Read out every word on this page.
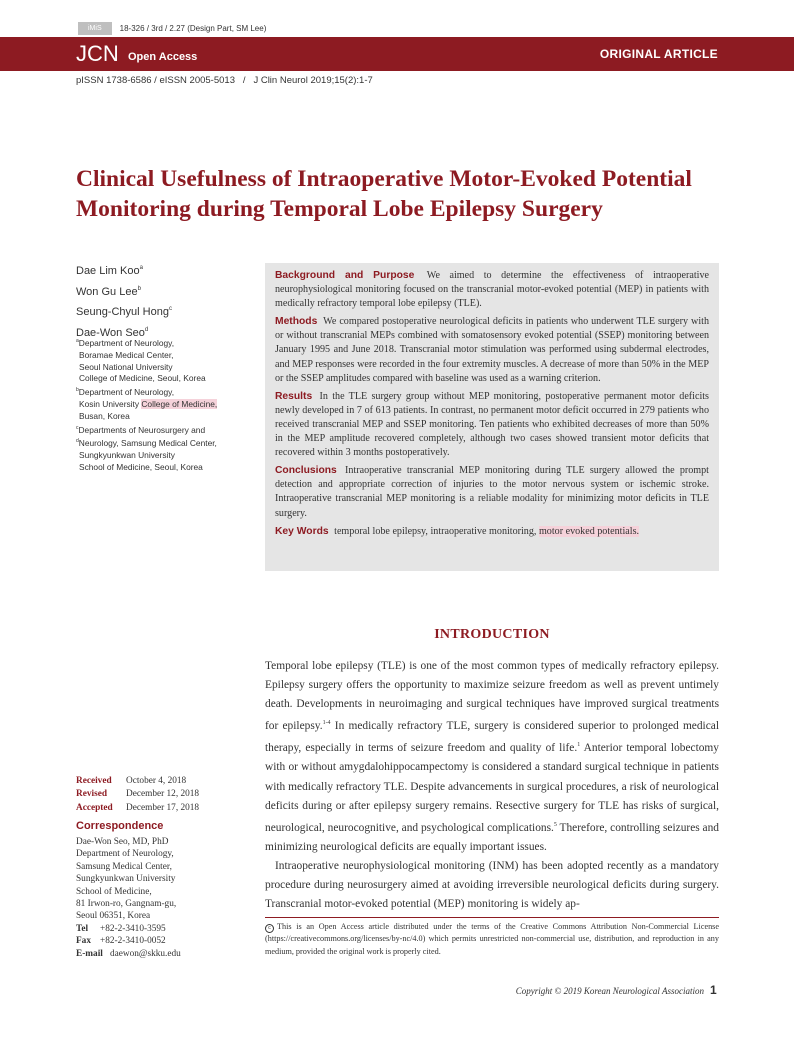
iMiS	18-326 / 3rd / 2.27 (Design Part, SM Lee)
JCN Open Access	ORIGINAL ARTICLE
pISSN 1738-6586 / eISSN 2005-5013   /   J Clin Neurol 2019;15(2):1-7
Clinical Usefulness of Intraoperative Motor-Evoked Potential
Monitoring during Temporal Lobe Epilepsy Surgery
Dae Lim Koo$^a$
Won Gu Lee$^b$
Seung-Chyul Hong$^c$
Dae-Won Seo$^d$
$^a$Department of Neurology,
Boramae Medical Center,
Seoul National University
College of Medicine, Seoul, Korea
$^b$Department of Neurology,
Kosin University College of Medicine,
Busan, Korea
$^c$Departments of Neurosurgery and
$^d$Neurology, Samsung Medical Center,
Sungkyunkwan University
School of Medicine, Seoul, Korea

Background and Purpose We aimed to determine the effectiveness of intraoperative neurophysiological monitoring focused on the transcranial motor-evoked potential (MEP) in patients with medically refractory temporal lobe epilepsy (TLE).

Methods We compared postoperative neurological deficits in patients who underwent TLE surgery with or without transcranial MEPs combined with somatosensory evoked potential (SSEP) monitoring between January 1995 and June 2018. Transcranial motor stimulation was performed using subdermal electrodes, and MEP responses were recorded in the four extremity muscles. A decrease of more than 50% in the MEP or the SSEP amplitudes compared with baseline was used as a warning criterion.

Results In the TLE surgery group without MEP monitoring, postoperative permanent motor deficits newly developed in 7 of 613 patients. In contrast, no permanent motor deficit occurred in 279 patients who received transcranial MEP and SSEP monitoring. Ten patients who exhibited decreases of more than 50% in the MEP amplitude recovered completely, although two cases showed transient motor deficits that recovered within 3 months postoperatively.

Conclusions Intraoperative transcranial MEP monitoring during TLE surgery allowed the prompt detection and appropriate correction of injuries to the motor nervous system or ischemic stroke. Intraoperative transcranial MEP monitoring is a reliable modality for minimizing motor deficits in TLE surgery.

Key Words temporal lobe epilepsy, intraoperative monitoring, motor evoked potentials.

INTRODUCTION

Temporal lobe epilepsy (TLE) is one of the most common types of medically refractory epilepsy. Epilepsy surgery offers the opportunity to maximize seizure freedom as well as prevent untimely death. Developments in neuroimaging and surgical techniques have improved surgical treatments for epilepsy.$^{1-4}$ In medically refractory TLE, surgery is considered superior to prolonged medical therapy, especially in terms of seizure freedom and quality of life.$^1$ Anterior temporal lobectomy with or without amygdalohippocampectomy is considered a standard surgical technique in patients with medically refractory TLE. Despite advancements in surgical procedures, a risk of neurological deficits during or after epilepsy surgery remains. Resective surgery for TLE has risks of surgical, neurological, neurocognitive, and psychological complications.$^5$ Therefore, controlling seizures and minimizing neurological deficits are equally important issues.

Intraoperative neurophysiological monitoring (INM) has been adopted recently as a mandatory procedure during neurosurgery aimed at avoiding irreversible neurological deficits during surgery. Transcranial motor-evoked potential (MEP) monitoring is widely ap-

Received October 4, 2018
Revised December 12, 2018
Accepted December 17, 2018
Correspondence
Dae-Won Seo, MD, PhD
Department of Neurology,
Samsung Medical Center,
Sungkyunkwan University
School of Medicine,
81 Irwon-ro, Gangnam-gu,
Seoul 06351, Korea
Tel +82-2-3410-3595
Fax +82-2-3410-0052
E-mail daewon@skku.edu
c This is an Open Access article distributed under the terms of the Creative Commons Attribution Non-Commercial License (https://creativecommons.org/licenses/by-nc/4.0) which permits unrestricted non-commercial use, distribution, and reproduction in any medium, provided the original work is properly cited.
Copyright © 2019 Korean Neurological Association 1
